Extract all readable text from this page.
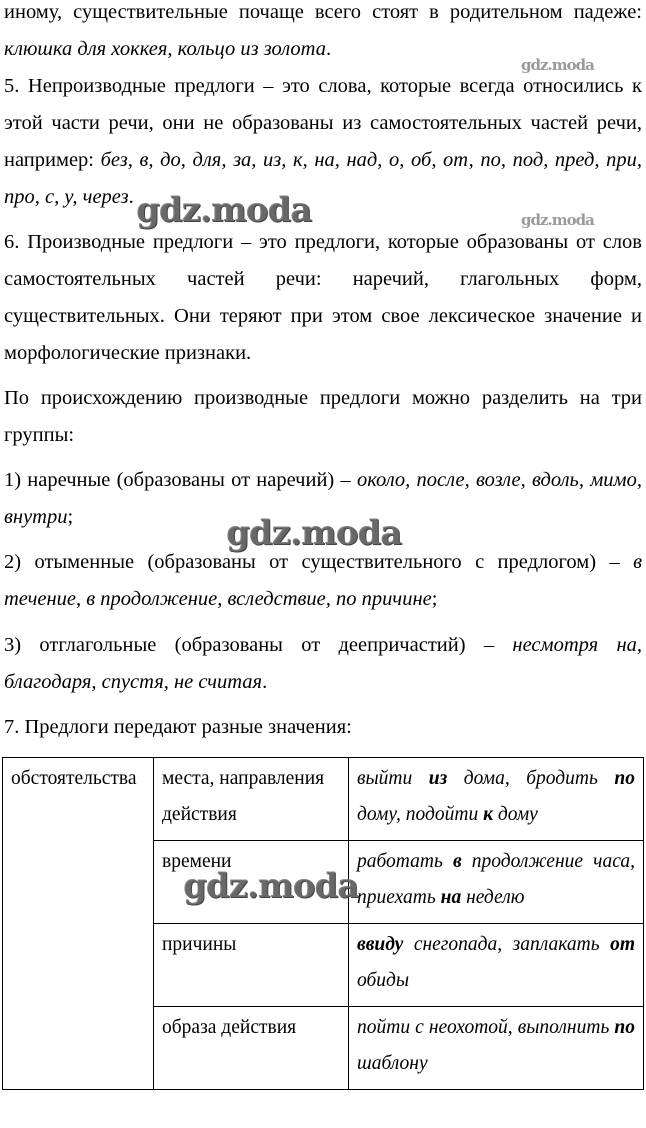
иному, существительные почаще всего стоят в родительном падеже: клюшка для хоккея, кольцо из золота.

5. Непроизводные предлоги – это слова, которые всегда относились к этой части речи, они не образованы из самостоятельных частей речи, например: без, в, до, для, за, из, к, на, над, о, об, от, по, под, пред, при, про, с, у, через.

6. Производные предлоги – это предлоги, которые образованы от слов самостоятельных частей речи: наречий, глагольных форм, существительных. Они теряют при этом свое лексическое значение и морфологические признаки.

По происхождению производные предлоги можно разделить на три группы:

1) наречные (образованы от наречий) – около, после, возле, вдоль, мимо, внутри;

2) отыменные (образованы от существительного с предлогом) – в течение, в продолжение, вследствие, по причине;

3) отглагольные (образованы от деепричастий) – несмотря на, благодаря, спустя, не считая.

7. Предлоги передают разные значения:

обстоятельства	места, направления действия	выйти из дома, бродить по дому, подойти к дому
	времени	работать в продолжение часа, приехать на неделю
	причины	ввиду снегопада, заплакать от обиды
	образа действия	пойти с неохотой, выполнить по шаблону
gdz.moda
gdz.moda	gdz.moda
gdz.moda
gdz.moda
